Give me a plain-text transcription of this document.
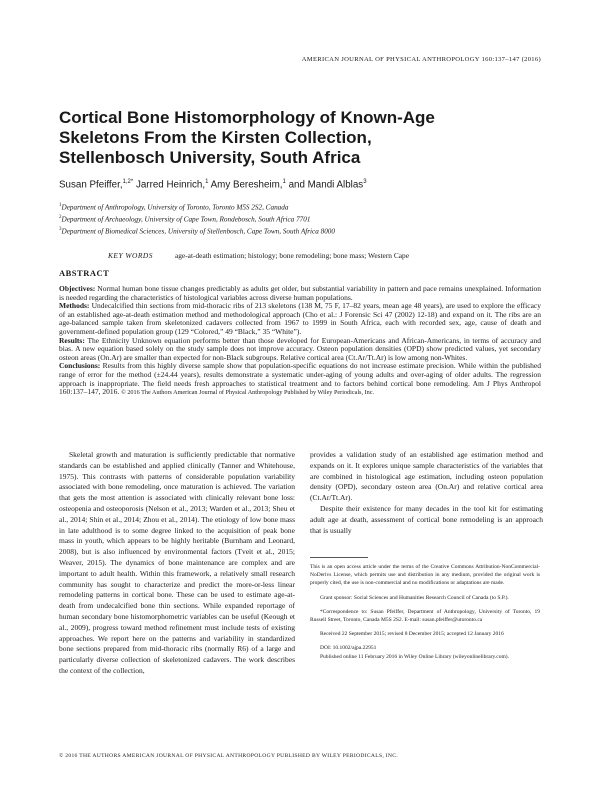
AMERICAN JOURNAL OF PHYSICAL ANTHROPOLOGY 160:137–147 (2016)
Cortical Bone Histomorphology of Known-Age
Skeletons From the Kirsten Collection,
Stellenbosch University, South Africa
Susan Pfeiffer,$^{1,2*}$ Jarred Heinrich,$^1$ Amy Beresheim,$^1$ and Mandi Alblas$^3$
$^1$Department of Anthropology, University of Toronto, Toronto M5S 2S2, Canada
$^2$Department of Archaeology, University of Cape Town, Rondebosch, South Africa 7701
$^3$Department of Biomedical Sciences, University of Stellenbosch, Cape Town, South Africa 8000
KEY WORDS	age-at-death estimation; histology; bone remodeling; bone mass; Western Cape
ABSTRACT

Objectives: Normal human bone tissue changes predictably as adults get older, but substantial variability in pattern and pace remains unexplained. Information is needed regarding the characteristics of histological variables across diverse human populations.

Methods: Undecalcified thin sections from mid-thoracic ribs of 213 skeletons (138 M, 75 F, 17–82 years, mean age 48 years), are used to explore the efficacy of an established age-at-death estimation method and methodological approach (Cho et al.: J Forensic Sci 47 (2002) 12-18) and expand on it. The ribs are an age-balanced sample taken from skeletonized cadavers collected from 1967 to 1999 in South Africa, each with recorded sex, age, cause of death and government-defined population group (129 “Colored,” 49 “Black,” 35 “White”).

Results: The Ethnicity Unknown equation performs better than those developed for European-Americans and African-Americans, in terms of accuracy and bias. A new equation based solely on the study sample does not improve accuracy. Osteon population densities (OPD) show predicted values, yet secondary osteon areas (On.Ar) are smaller than expected for non-Black subgroups. Relative cortical area (Ct.Ar/Tt.Ar) is low among non-Whites.

Conclusions: Results from this highly diverse sample show that population-specific equations do not increase estimate precision. While within the published range of error for the method (±24.44 years), results demonstrate a systematic under-aging of young adults and over-aging of older adults. The regression approach is inappropriate. The field needs fresh approaches to statistical treatment and to factors behind cortical bone remodeling. Am J Phys Anthropol 160:137–147, 2016. © 2016 The Authors American Journal of Physical Anthropology Published by Wiley Periodicals, Inc.

Skeletal growth and maturation is sufficiently predictable that normative standards can be established and applied clinically (Tanner and Whitehouse, 1975). This contrasts with patterns of considerable population variability associated with bone remodeling, once maturation is achieved. The variation that gets the most attention is associated with clinically relevant bone loss: osteopenia and osteoporosis (Nelson et al., 2013; Warden et al., 2013; Sheu et al., 2014; Shin et al., 2014; Zhou et al., 2014). The etiology of low bone mass in late adulthood is to some degree linked to the acquisition of peak bone mass in youth, which appears to be highly heritable (Burnham and Leonard, 2008), but is also influenced by environmental factors (Tveit et al., 2015; Weaver, 2015). The dynamics of bone maintenance are complex and are important to adult health. Within this framework, a relatively small research community has sought to characterize and predict the more-or-less linear remodeling patterns in cortical bone. These can be used to estimate age-at-death from undecalcified bone thin sections. While expanded reportage of human secondary bone histomorphometric variables can be useful (Keough et al., 2009), progress toward method refinement must include tests of existing approaches. We report here on the patterns and variability in standardized bone sections prepared from mid-thoracic ribs (normally R6) of a large and particularly diverse collection of skeletonized cadavers. The work describes the context of the collection,

provides a validation study of an established age estimation method and expands on it. It explores unique sample characteristics of the variables that are combined in histological age estimation, including osteon population density (OPD), secondary osteon area (On.Ar) and relative cortical area (Ct.Ar/Tt.Ar).

Despite their existence for many decades in the tool kit for estimating adult age at death, assessment of cortical bone remodeling is an approach that is usually

This is an open access article under the terms of the Creative Commons Attribution-NonCommercial-NoDerivs License, which permits use and distribution in any medium, provided the original work is properly cited, the use is non-commercial and no modifications or adaptations are made.

Grant sponsor: Social Sciences and Humanities Research Council of Canada (to S.P.).

*Correspondence to: Susan Pfeiffer, Department of Anthropology, University of Toronto, 19 Russell Street, Toronto, Canada M5S 2S2. E-mail: susan.pfeiffer@utoronto.ca

Received 22 September 2015; revised 8 December 2015; accepted 12 January 2016

DOI: 10.1002/ajpa.22951

Published online 11 February 2016 in Wiley Online Library (wileyonlinelibrary.com).

© 2016 THE AUTHORS AMERICAN JOURNAL OF PHYSICAL ANTHROPOLOGY PUBLISHED BY WILEY PERIODICALS, INC.
